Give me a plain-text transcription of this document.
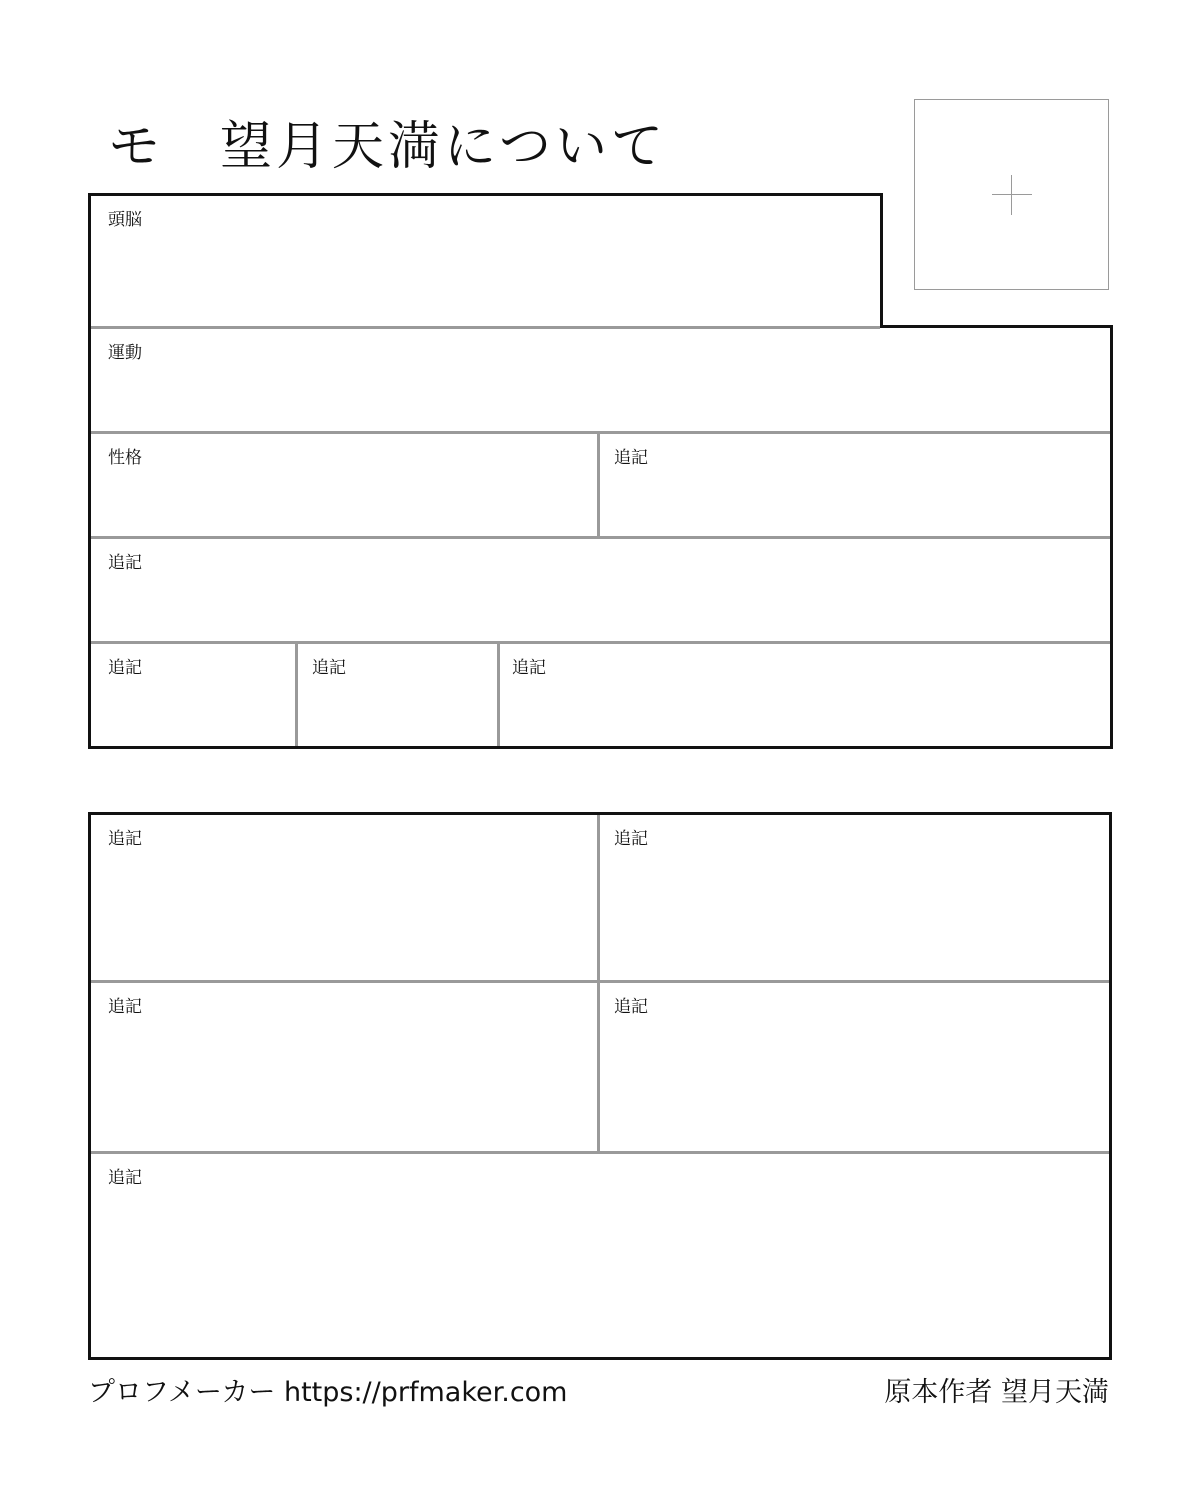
モ　望月天満について
頭脳
運動
性格	追記
追記
追記	追記	追記
追記	追記
追記	追記
追記
プロフメーカー https://prfmaker.com	原本作者 望月天満
